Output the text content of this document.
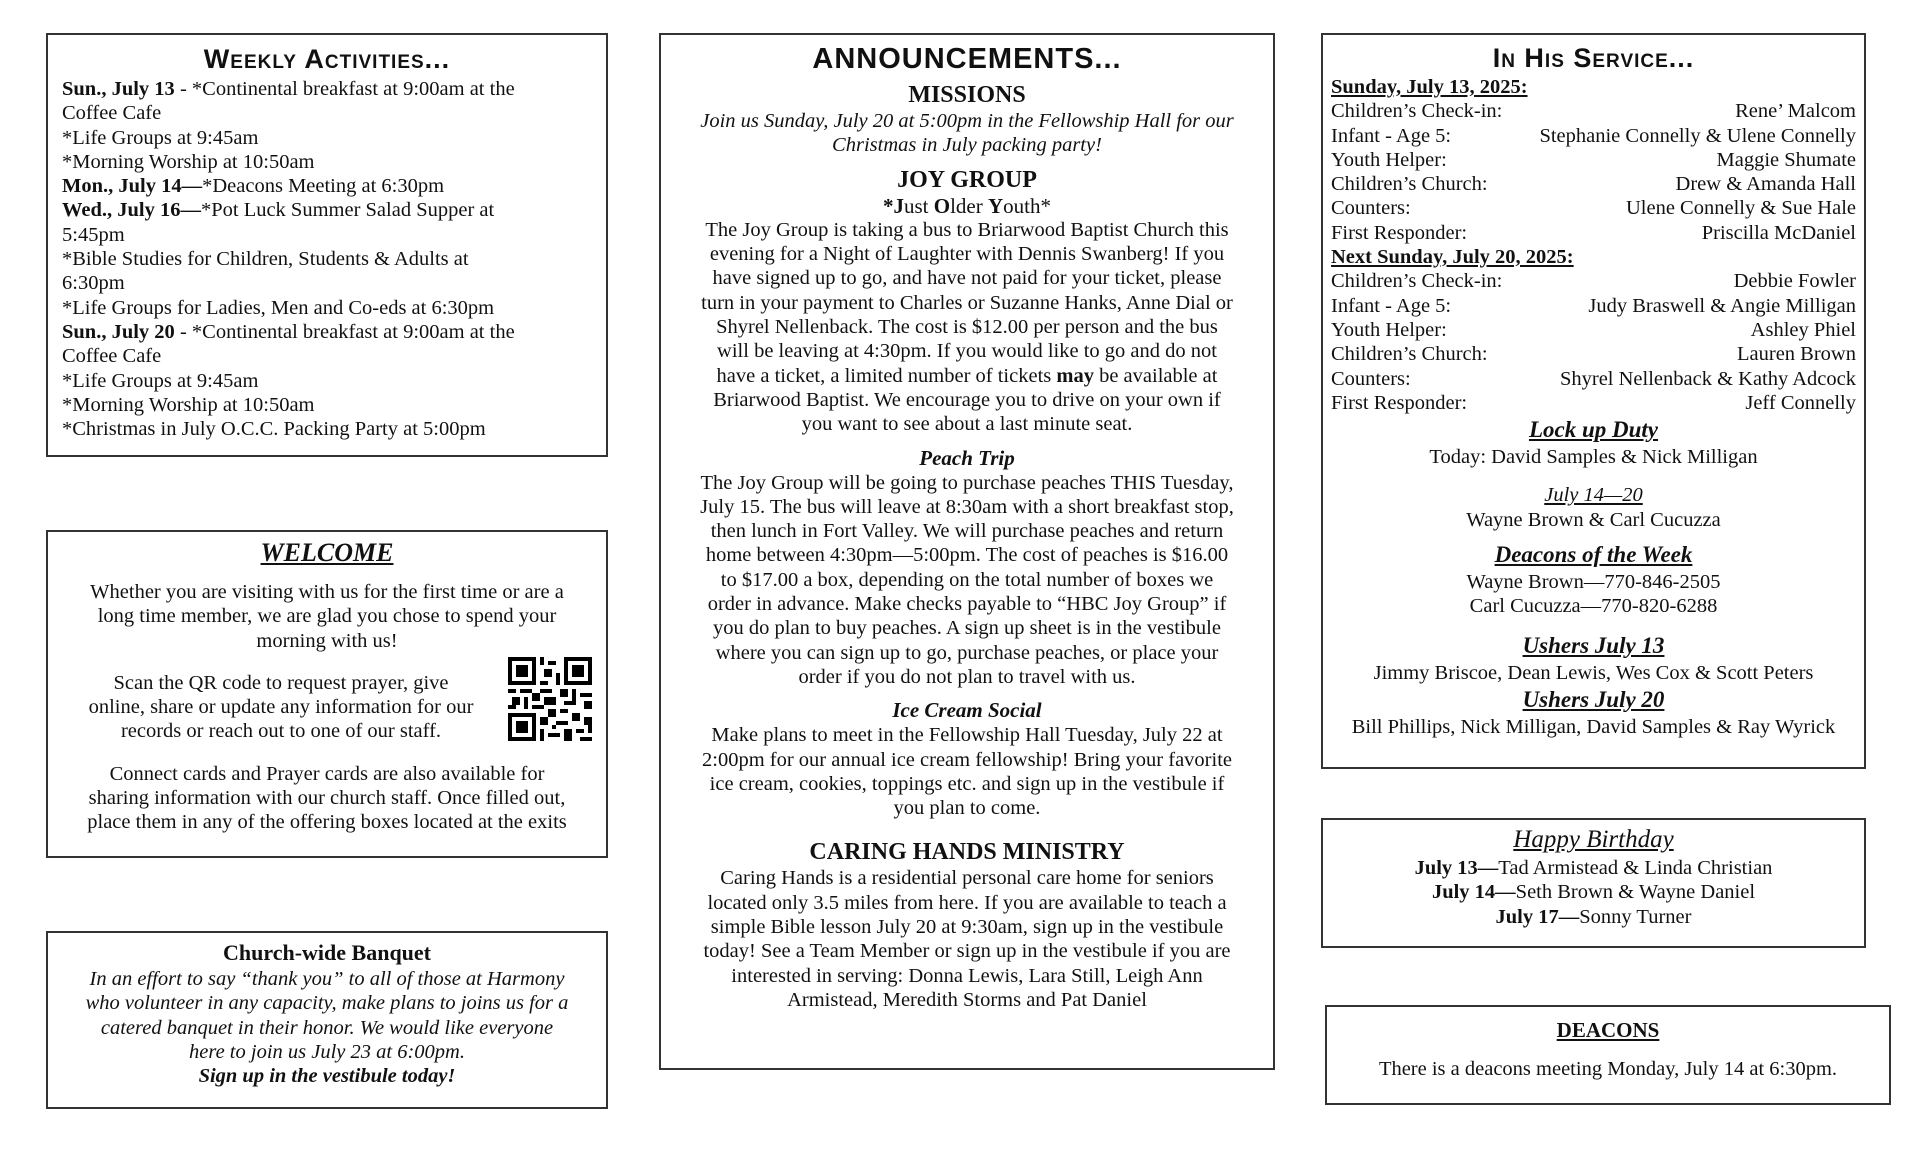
Weekly Activities...
Sun., July 13 - *Continental breakfast at 9:00am at the
Coffee Cafe
*Life Groups at 9:45am
*Morning Worship at 10:50am
Mon., July 14—*Deacons Meeting at 6:30pm
Wed., July 16—*Pot Luck Summer Salad Supper at
5:45pm
*Bible Studies for Children, Students & Adults at
6:30pm
*Life Groups for Ladies, Men and Co-eds at 6:30pm
Sun., July 20 - *Continental breakfast at 9:00am at the
Coffee Cafe
*Life Groups at 9:45am
*Morning Worship at 10:50am
*Christmas in July O.C.C. Packing Party at 5:00pm
WELCOME
Whether you are visiting with us for the first time or are a
long time member, we are glad you chose to spend your
morning with us!
Scan the QR code to request prayer, give
online, share or update any information for our
records or reach out to one of our staff.
Connect cards and Prayer cards are also available for
sharing information with our church staff. Once filled out,
place them in any of the offering boxes located at the exits
Church-wide Banquet
In an effort to say “thank you” to all of those at Harmony
who volunteer in any capacity, make plans to joins us for a
catered banquet in their honor. We would like everyone
here to join us July 23 at 6:00pm.
Sign up in the vestibule today!
ANNOUNCEMENTS...
MISSIONS
Join us Sunday, July 20 at 5:00pm in the Fellowship Hall for our
Christmas in July packing party!
JOY GROUP
*Just Older Youth*
The Joy Group is taking a bus to Briarwood Baptist Church this
evening for a Night of Laughter with Dennis Swanberg! If you
have signed up to go, and have not paid for your ticket, please
turn in your payment to Charles or Suzanne Hanks, Anne Dial or
Shyrel Nellenback. The cost is $12.00 per person and the bus
will be leaving at 4:30pm. If you would like to go and do not
have a ticket, a limited number of tickets may be available at
Briarwood Baptist. We encourage you to drive on your own if
you want to see about a last minute seat.
Peach Trip
The Joy Group will be going to purchase peaches THIS Tuesday,
July 15. The bus will leave at 8:30am with a short breakfast stop,
then lunch in Fort Valley. We will purchase peaches and return
home between 4:30pm—5:00pm. The cost of peaches is $16.00
to $17.00 a box, depending on the total number of boxes we
order in advance. Make checks payable to “HBC Joy Group” if
you do plan to buy peaches. A sign up sheet is in the vestibule
where you can sign up to go, purchase peaches, or place your
order if you do not plan to travel with us.
Ice Cream Social
Make plans to meet in the Fellowship Hall Tuesday, July 22 at
2:00pm for our annual ice cream fellowship! Bring your favorite
ice cream, cookies, toppings etc. and sign up in the vestibule if
you plan to come.
CARING HANDS MINISTRY
Caring Hands is a residential personal care home for seniors
located only 3.5 miles from here. If you are available to teach a
simple Bible lesson July 20 at 9:30am, sign up in the vestibule
today! See a Team Member or sign up in the vestibule if you are
interested in serving: Donna Lewis, Lara Still, Leigh Ann
Armistead, Meredith Storms and Pat Daniel
In His Service...
Sunday, July 13, 2025:
Children’s Check-in:	Rene’ Malcom
Infant - Age 5:	Stephanie Connelly & Ulene Connelly
Youth Helper:	Maggie Shumate
Children’s Church:	Drew & Amanda Hall
Counters:	Ulene Connelly & Sue Hale
First Responder:	Priscilla McDaniel
Next Sunday, July 20, 2025:
Children’s Check-in:	Debbie Fowler
Infant - Age 5:	Judy Braswell & Angie Milligan
Youth Helper:	Ashley Phiel
Children’s Church:	Lauren Brown
Counters:	Shyrel Nellenback & Kathy Adcock
First Responder:	Jeff Connelly
Lock up Duty
Today: David Samples & Nick Milligan
July 14—20
Wayne Brown & Carl Cucuzza
Deacons of the Week
Wayne Brown—770-846-2505
Carl Cucuzza—770-820-6288
Ushers July 13
Jimmy Briscoe, Dean Lewis, Wes Cox & Scott Peters
Ushers July 20
Bill Phillips, Nick Milligan, David Samples & Ray Wyrick
Happy Birthday
July 13—Tad Armistead & Linda Christian
July 14—Seth Brown & Wayne Daniel
July 17—Sonny Turner
DEACONS
There is a deacons meeting Monday, July 14 at 6:30pm.
